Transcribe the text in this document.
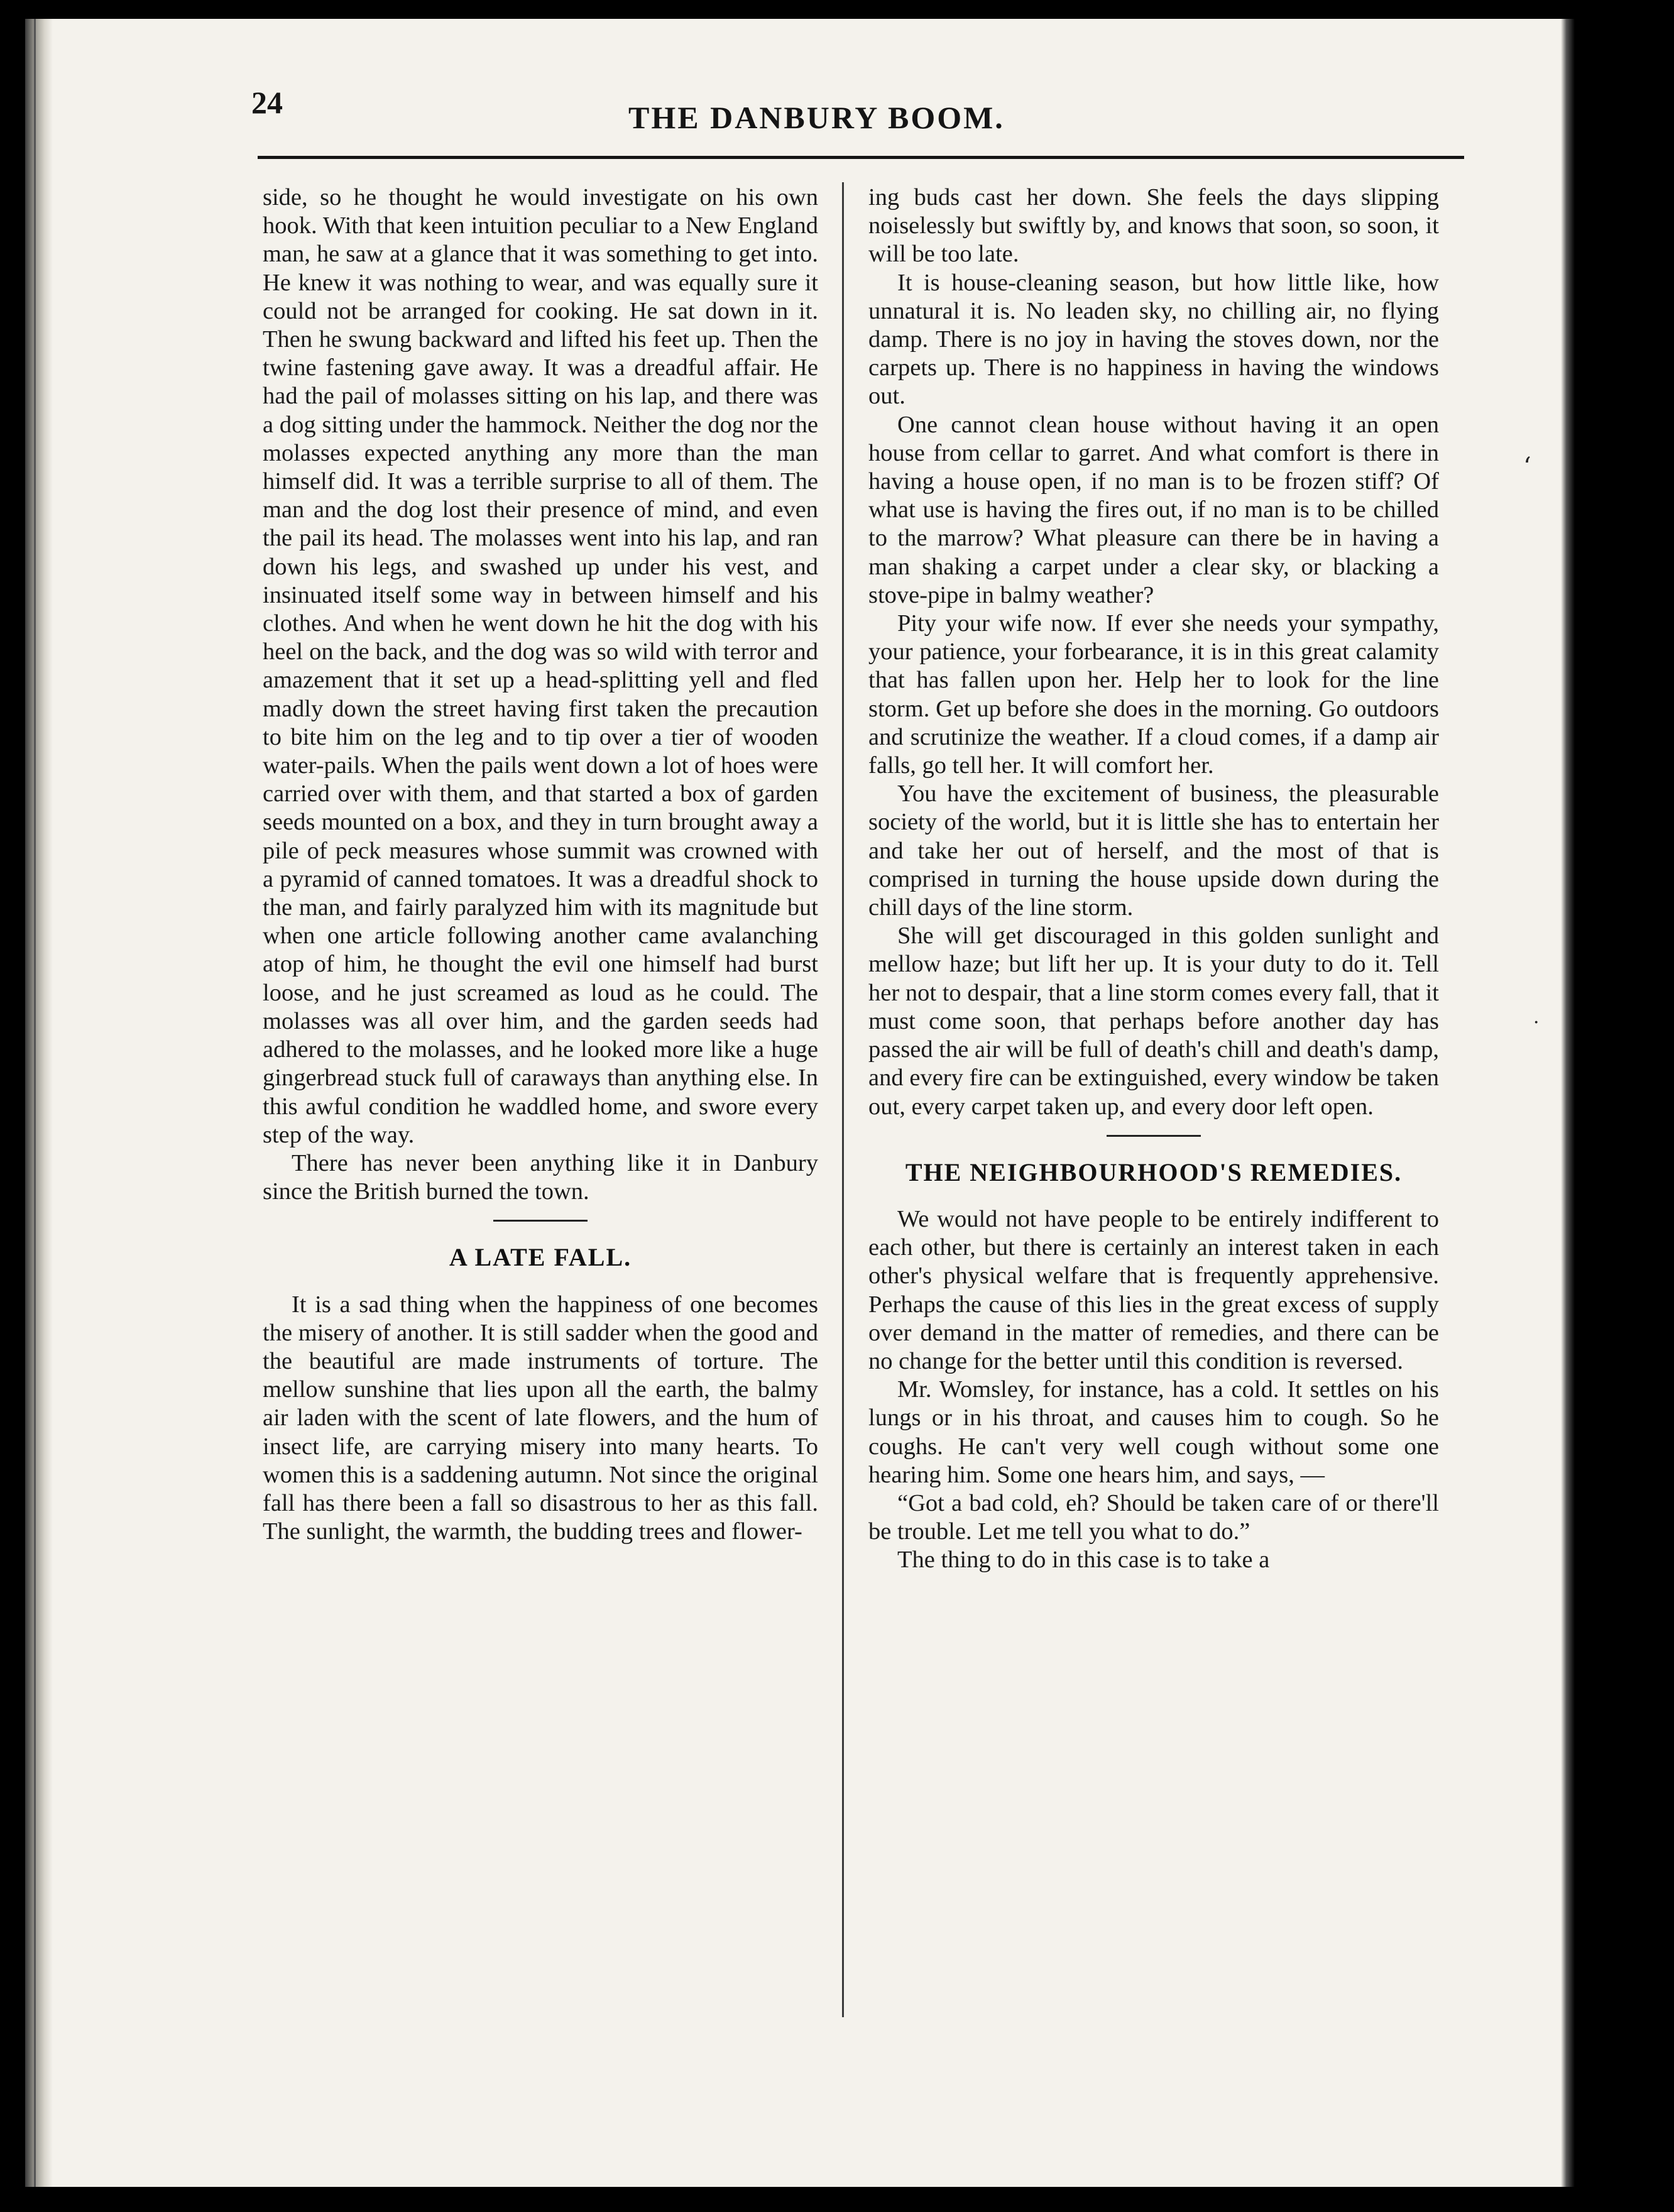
24	THE DANBURY BOOM.

side, so he thought he would investigate on his own hook. With that keen intuition peculiar to a New England man, he saw at a glance that it was something to get into. He knew it was nothing to wear, and was equally sure it could not be arranged for cooking. He sat down in it. Then he swung backward and lifted his feet up. Then the twine fastening gave away. It was a dreadful affair. He had the pail of molasses sitting on his lap, and there was a dog sitting under the hammock. Neither the dog nor the molasses expected anything any more than the man himself did. It was a terrible surprise to all of them. The man and the dog lost their presence of mind, and even the pail its head. The molasses went into his lap, and ran down his legs, and swashed up under his vest, and insinuated itself some way in between himself and his clothes. And when he went down he hit the dog with his heel on the back, and the dog was so wild with terror and amazement that it set up a head-splitting yell and fled madly down the street having first taken the precaution to bite him on the leg and to tip over a tier of wooden water-pails. When the pails went down a lot of hoes were carried over with them, and that started a box of garden seeds mounted on a box, and they in turn brought away a pile of peck measures whose summit was crowned with a pyramid of canned tomatoes. It was a dreadful shock to the man, and fairly paralyzed him with its magnitude but when one article following another came avalanching atop of him, he thought the evil one himself had burst loose, and he just screamed as loud as he could. The molasses was all over him, and the garden seeds had adhered to the molasses, and he looked more like a huge gingerbread stuck full of caraways than anything else. In this awful condition he waddled home, and swore every step of the way.

There has never been anything like it in Danbury since the British burned the town.

A LATE FALL.

It is a sad thing when the happiness of one becomes the misery of another. It is still sadder when the good and the beautiful are made instruments of torture. The mellow sunshine that lies upon all the earth, the balmy air laden with the scent of late flowers, and the hum of insect life, are carrying misery into many hearts. To women this is a saddening autumn. Not since the original fall has there been a fall so disastrous to her as this fall. The sunlight, the warmth, the budding trees and flower-

ing buds cast her down. She feels the days slipping noiselessly but swiftly by, and knows that soon, so soon, it will be too late.

It is house-cleaning season, but how little like, how unnatural it is. No leaden sky, no chilling air, no flying damp. There is no joy in having the stoves down, nor the carpets up. There is no happiness in having the windows out.

One cannot clean house without having it an open house from cellar to garret. And what comfort is there in having a house open, if no man is to be frozen stiff? Of what use is having the fires out, if no man is to be chilled to the marrow? What pleasure can there be in having a man shaking a carpet under a clear sky, or blacking a stove-pipe in balmy weather?

Pity your wife now. If ever she needs your sympathy, your patience, your forbearance, it is in this great calamity that has fallen upon her. Help her to look for the line storm. Get up before she does in the morning. Go outdoors and scrutinize the weather. If a cloud comes, if a damp air falls, go tell her. It will comfort her.

You have the excitement of business, the pleasurable society of the world, but it is little she has to entertain her and take her out of herself, and the most of that is comprised in turning the house upside down during the chill days of the line storm.

She will get discouraged in this golden sunlight and mellow haze; but lift her up. It is your duty to do it. Tell her not to despair, that a line storm comes every fall, that it must come soon, that perhaps before another day has passed the air will be full of death's chill and death's damp, and every fire can be extinguished, every window be taken out, every carpet taken up, and every door left open.

THE NEIGHBOURHOOD'S REMEDIES.

We would not have people to be entirely indifferent to each other, but there is certainly an interest taken in each other's physical welfare that is frequently apprehensive. Perhaps the cause of this lies in the great excess of supply over demand in the matter of remedies, and there can be no change for the better until this condition is reversed.

Mr. Womsley, for instance, has a cold. It settles on his lungs or in his throat, and causes him to cough. So he coughs. He can't very well cough without some one hearing him. Some one hears him, and says, —

“Got a bad cold, eh? Should be taken care of or there'll be trouble. Let me tell you what to do.”

The thing to do in this case is to take a

‘
·
